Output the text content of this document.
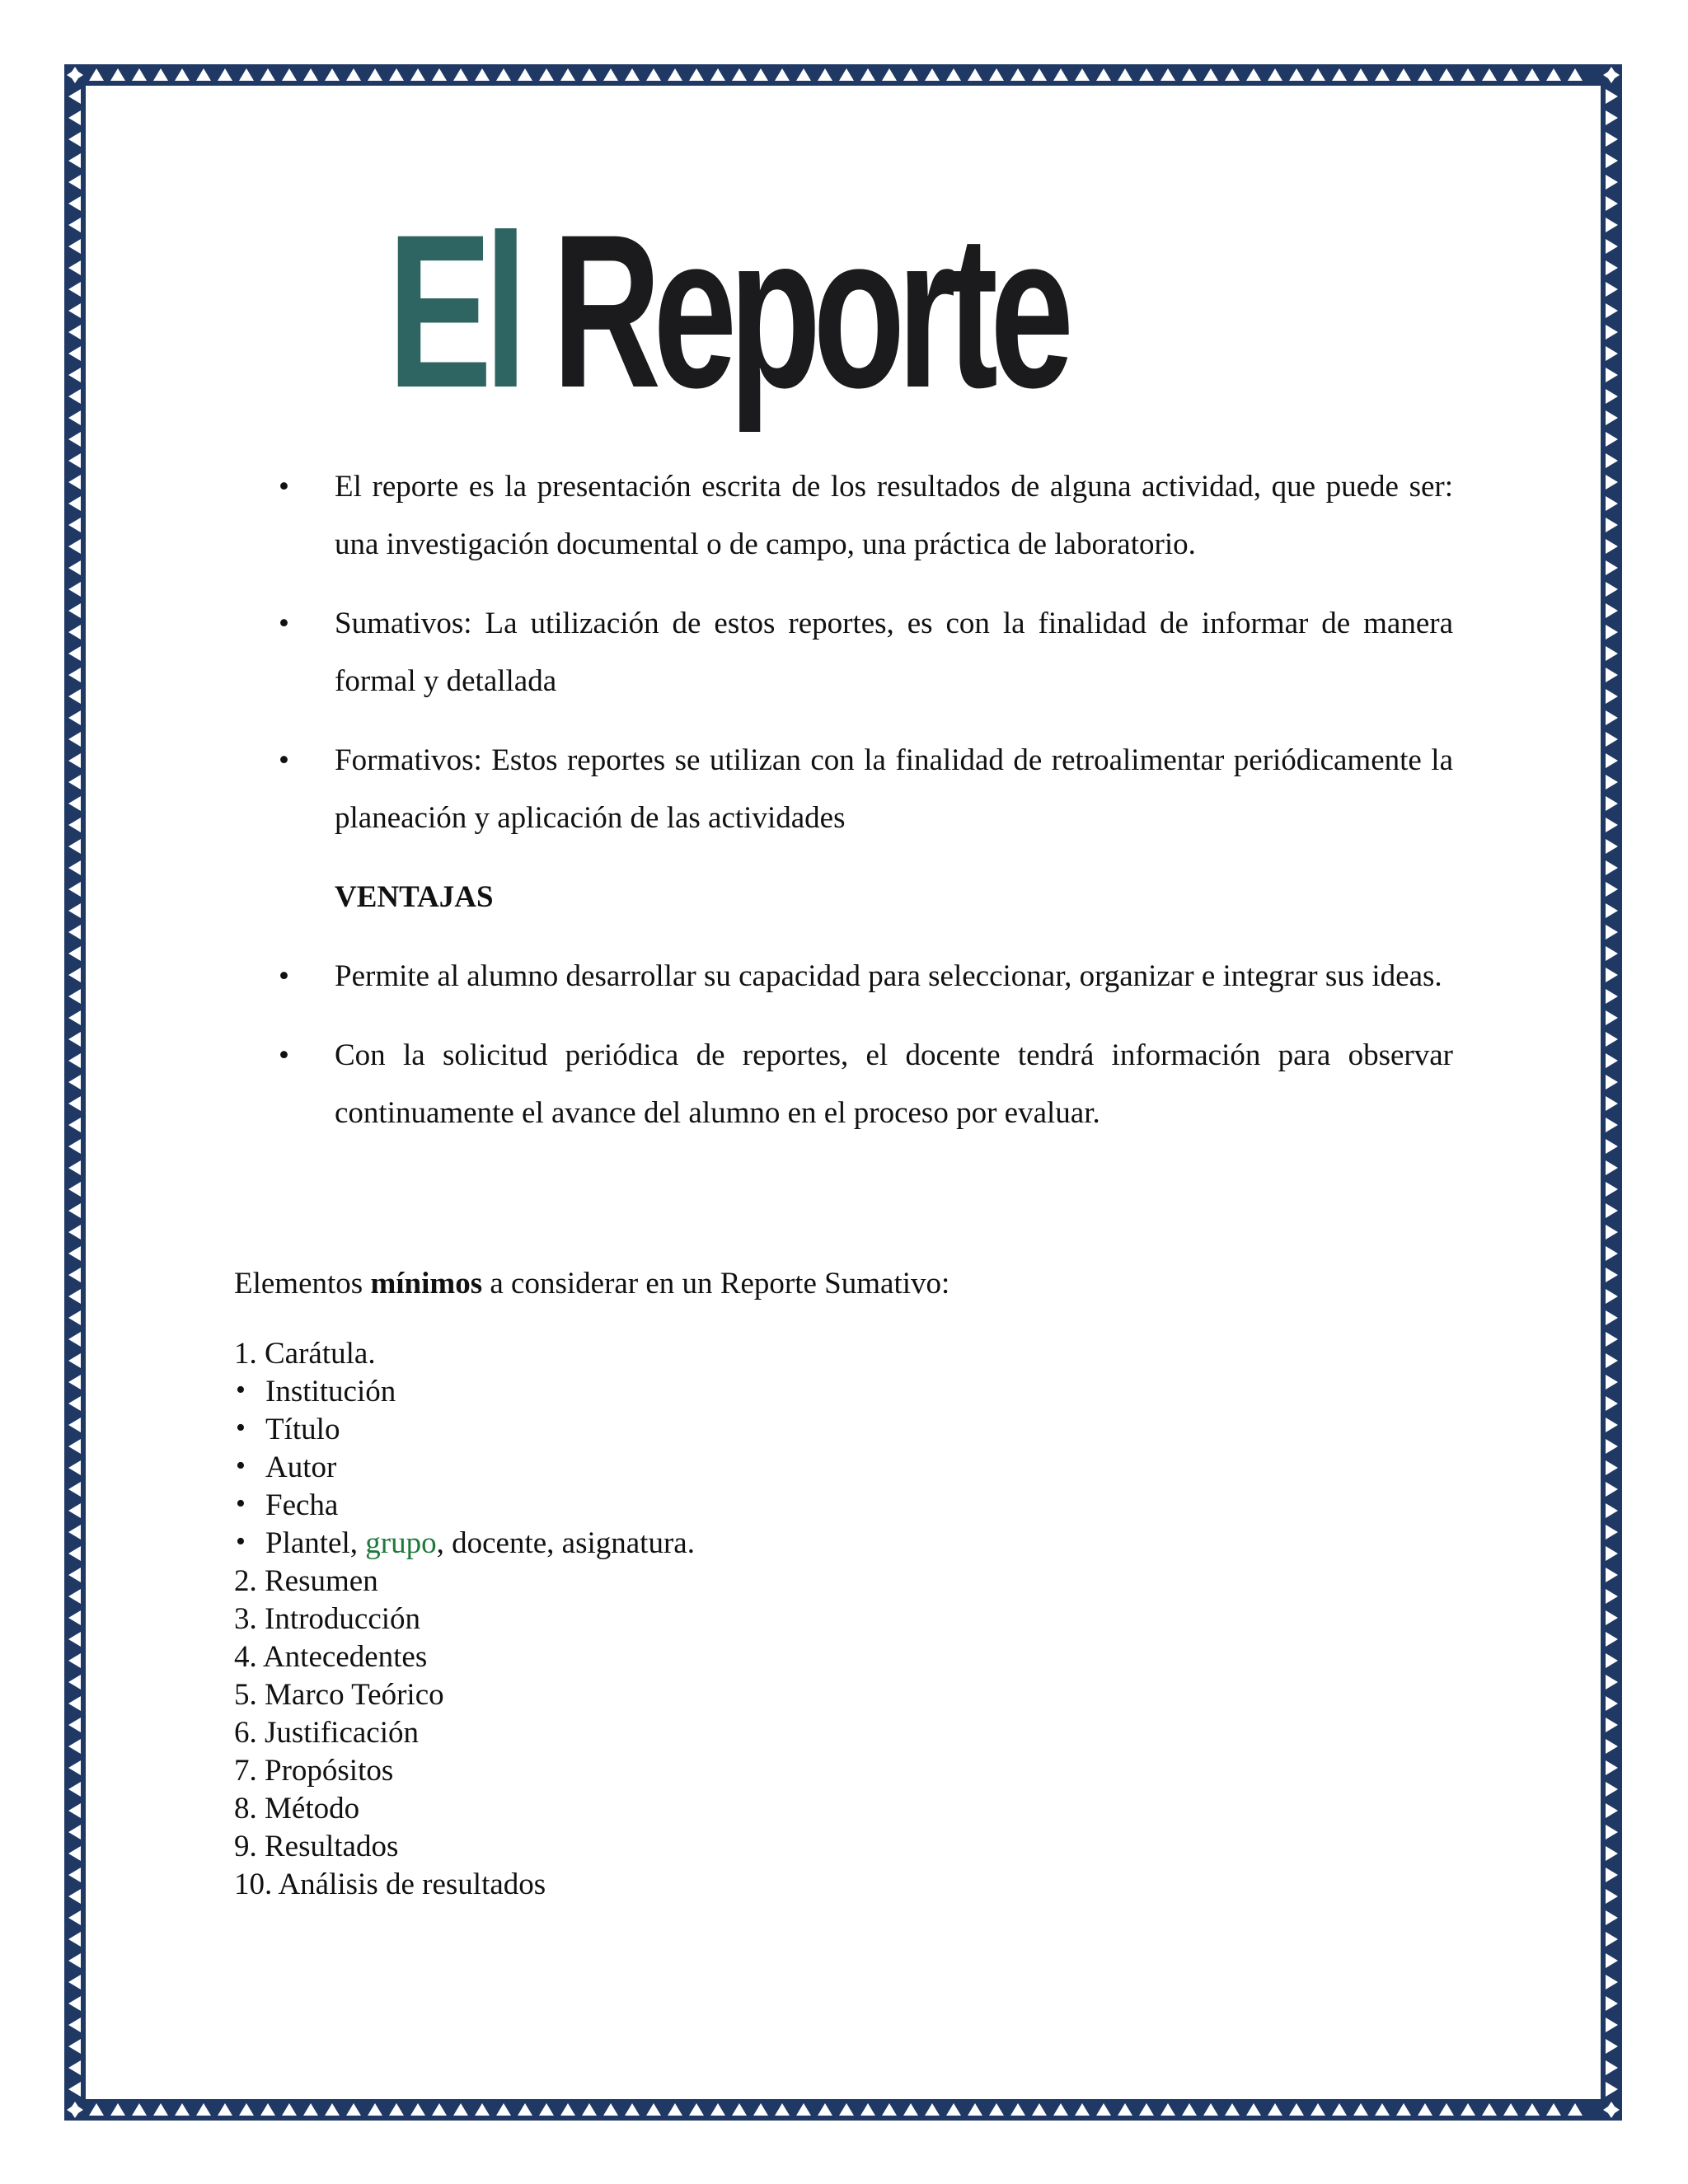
El Reporte

•	El reporte es la presentación escrita de los resultados de alguna actividad, que puede ser: una investigación documental o de campo, una práctica de laboratorio.

•	Sumativos: La utilización de estos reportes, es con la finalidad de informar de manera formal y detallada

•	Formativos: Estos reportes se utilizan con la finalidad de retroalimentar periódicamente la planeación y aplicación de las actividades

VENTAJAS

•	Permite al alumno desarrollar su capacidad para seleccionar, organizar e integrar sus ideas.

•	Con la solicitud periódica de reportes, el docente tendrá información para observar continuamente el avance del alumno en el proceso por evaluar.

Elementos mínimos a considerar en un Reporte Sumativo:

1. Carátula.
• Institución
• Título
• Autor
• Fecha
• Plantel, grupo, docente, asignatura.
2. Resumen
3. Introducción
4. Antecedentes
5. Marco Teórico
6. Justificación
7. Propósitos
8. Método
9. Resultados
10. Análisis de resultados
